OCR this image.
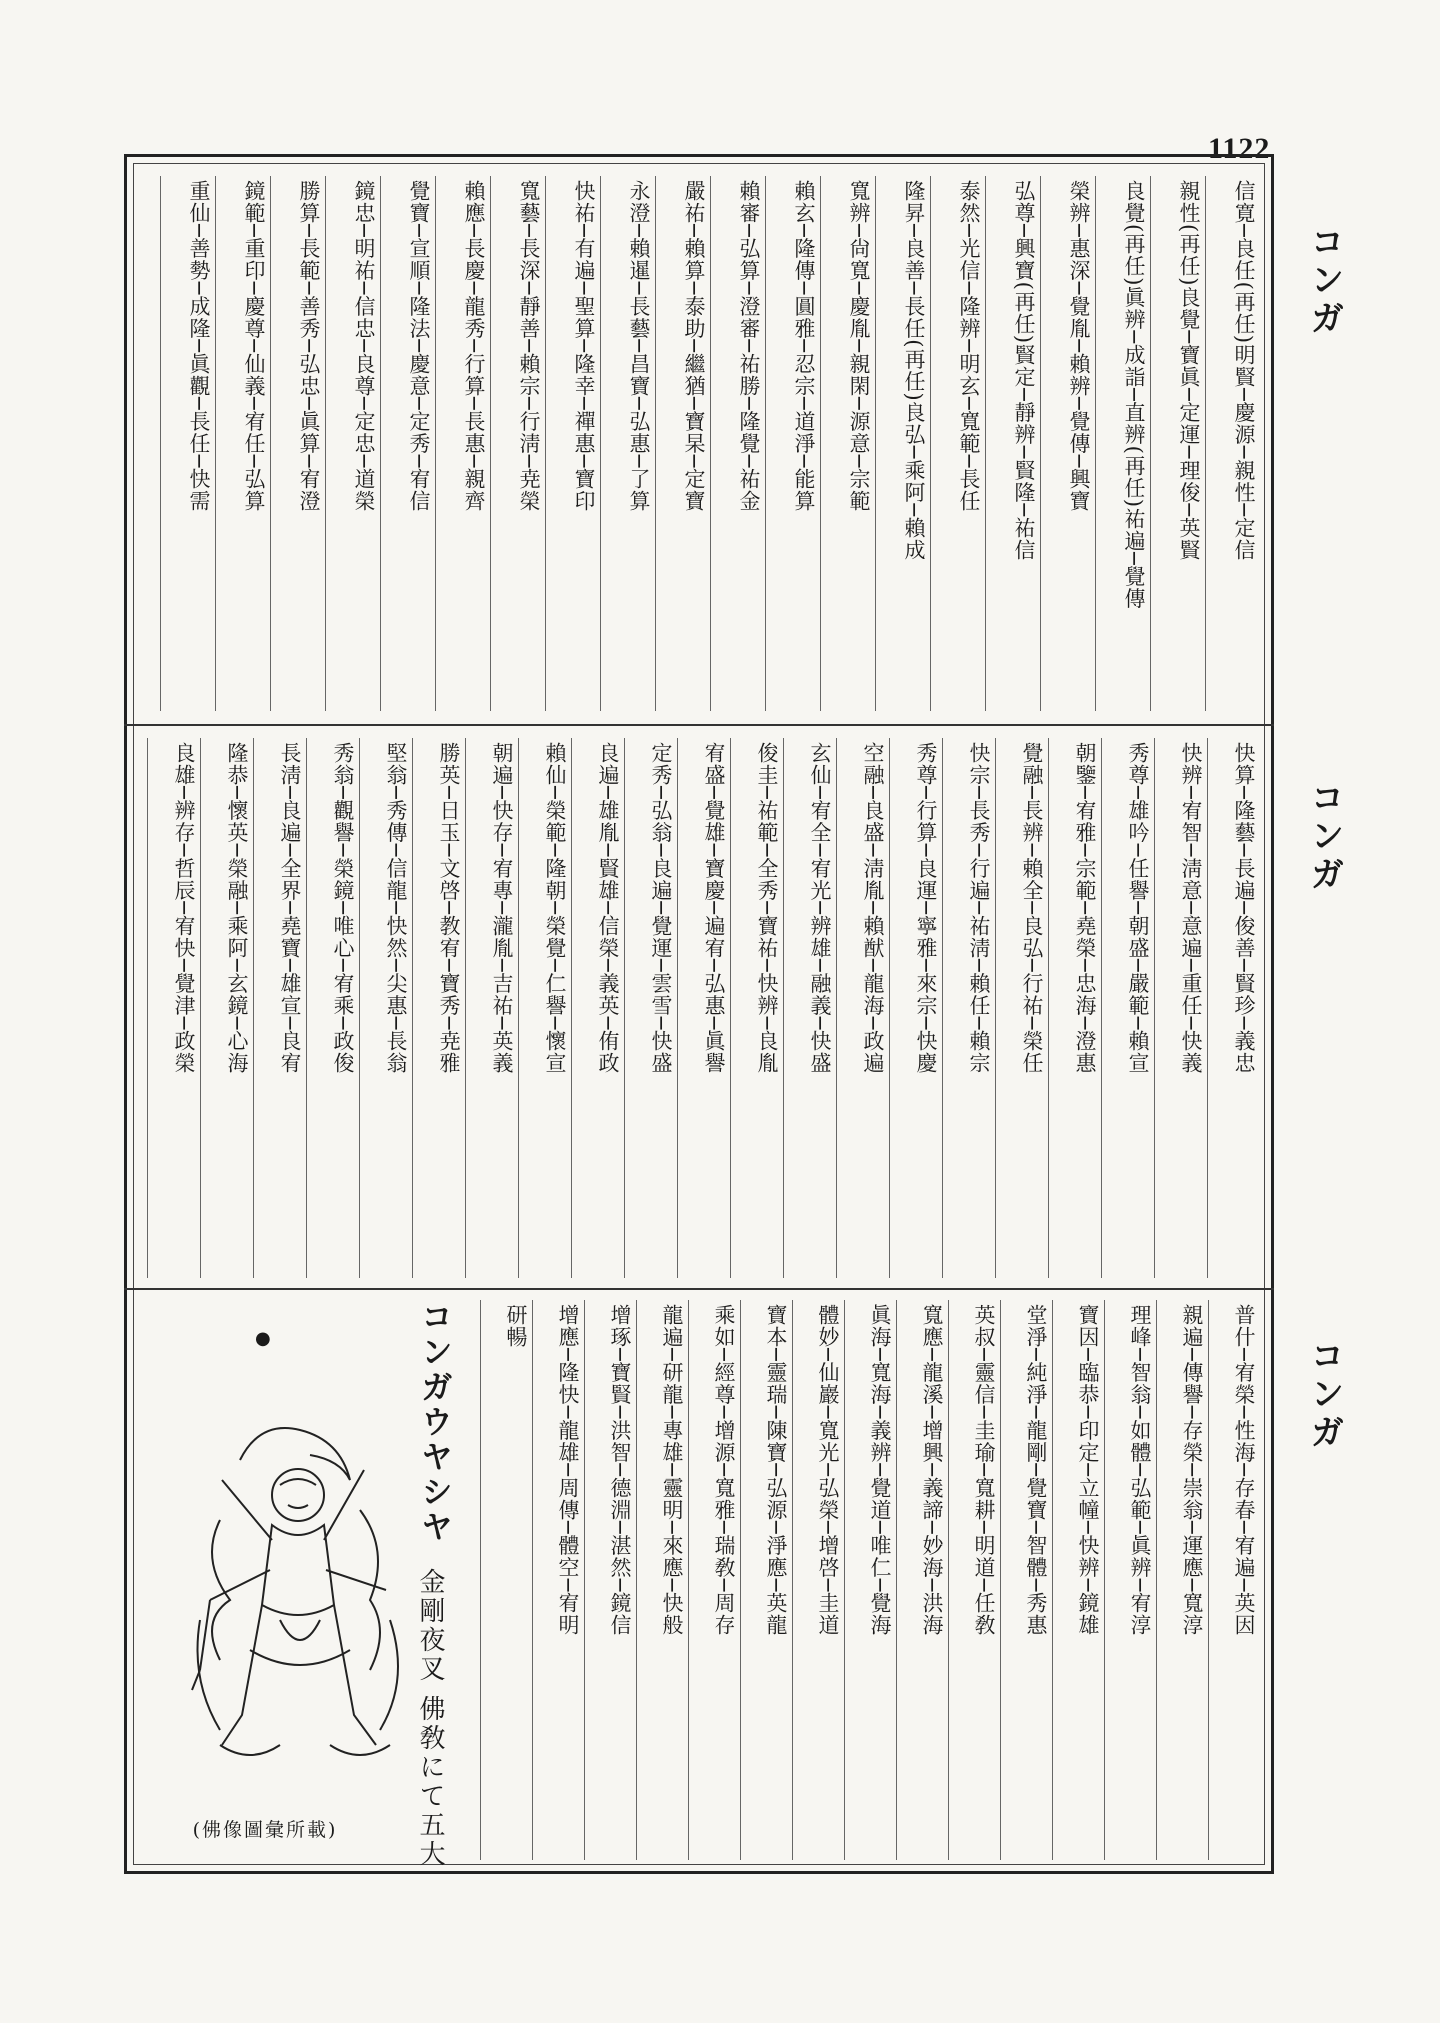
1122
コンガ
信寛─良任(再任)明賢─慶源─親性─定信
親性(再任)良覺─寶眞─定運─理俊─英賢
良覺(再任)眞辨─成詣─直辨(再任)祐遍─覺傳
榮辨─惠深─覺胤─賴辨─覺傳─興寶
弘尊─興寶(再任)賢定─靜辨─賢隆─祐信
泰然─光信─隆辨─明玄─寬範─長任
隆昇─良善─長任(再任)良弘─乘阿─賴成
寬辨─尙寬─慶胤─親閑─源意─宗範
賴玄─隆傳─圓雅─忍宗─道淨─能算
賴審─弘算─澄審─祐勝─隆覺─祐金
嚴祐─賴算─泰助─繼猶─寶杲─定寶
永澄─賴暹─長藝─昌寶─弘惠─了算
快祐─有遍─聖算─隆幸─禪惠─寶印
寬藝─長深─靜善─賴宗─行淸─尭榮
賴應─長慶─龍秀─行算─長惠─親齊
覺寶─宣順─隆法─慶意─定秀─宥信
鏡忠─明祐─信忠─良尊─定忠─道榮
勝算─長範─善秀─弘忠─眞算─宥澄
鏡範─重印─慶尊─仙義─宥任─弘算
重仙─善勢─成隆─眞觀─長任─快需
コンガ
快算─隆藝─長遍─俊善─賢珍─義忠
快辨─宥智─淸意─意遍─重任─快義
秀尊─雄吟─任譽─朝盛─嚴範─賴宣
朝鑒─宥雅─宗範─堯榮─忠海─澄惠
覺融─長辨─賴全─良弘─行祐─榮任
快宗─長秀─行遍─祐淸─賴任─賴宗
秀尊─行算─良運─寧雅─來宗─快慶
空融─良盛─淸胤─賴猷─龍海─政遍
玄仙─宥全─宥光─辨雄─融義─快盛
俊圭─祐範─全秀─寶祐─快辨─良胤
宥盛─覺雄─寶慶─遍宥─弘惠─眞譽
定秀─弘翁─良遍─覺運─雲雪─快盛
良遍─雄胤─賢雄─信榮─義英─侑政
賴仙─榮範─隆朝─榮覺─仁譽─懷宣
朝遍─快存─宥專─瀧胤─吉祐─英義
勝英─日玉─文啓─教宥─寶秀─尭雅
堅翁─秀傳─信龍─快然─尖惠─長翁
秀翁─觀譽─榮鏡─唯心─宥乘─政俊
長淸─良遍─全界─堯寶─雄宣─良宥
隆恭─懷英─榮融─乘阿─玄鏡─心海
良雄─辨存─哲辰─宥快─覺津─政榮
コンガ
普什─宥榮─性海─存春─宥遍─英因
親遍─傳譽─存榮─崇翁─運應─寬淳
理峰─智翁─如體─弘範─眞辨─宥淳
寶因─臨恭─印定─立幢─快辨─鏡雄
堂淨─純淨─龍剛─覺寶─智體─秀惠
英叔─靈信─圭瑜─寬耕─明道─任敎
寬應─龍溪─增興─義諦─妙海─洪海
眞海─寬海─義辨─覺道─唯仁─覺海
體妙─仙巖─寬光─弘榮─增啓─圭道
寶本─靈瑞─陳寶─弘源─淨應─英龍
乘如─經尊─增源─寬雅─瑞敎─周存
龍遍─研龍─專雄─靈明─來應─快般
增琢─寶賢─洪智─德淵─湛然─鏡信
增應─隆快─龍雄─周傳─體空─宥明
研暢
コンガウヤシヤ
金剛夜叉 佛敎にて五大
●
(佛像圖彙所載)
